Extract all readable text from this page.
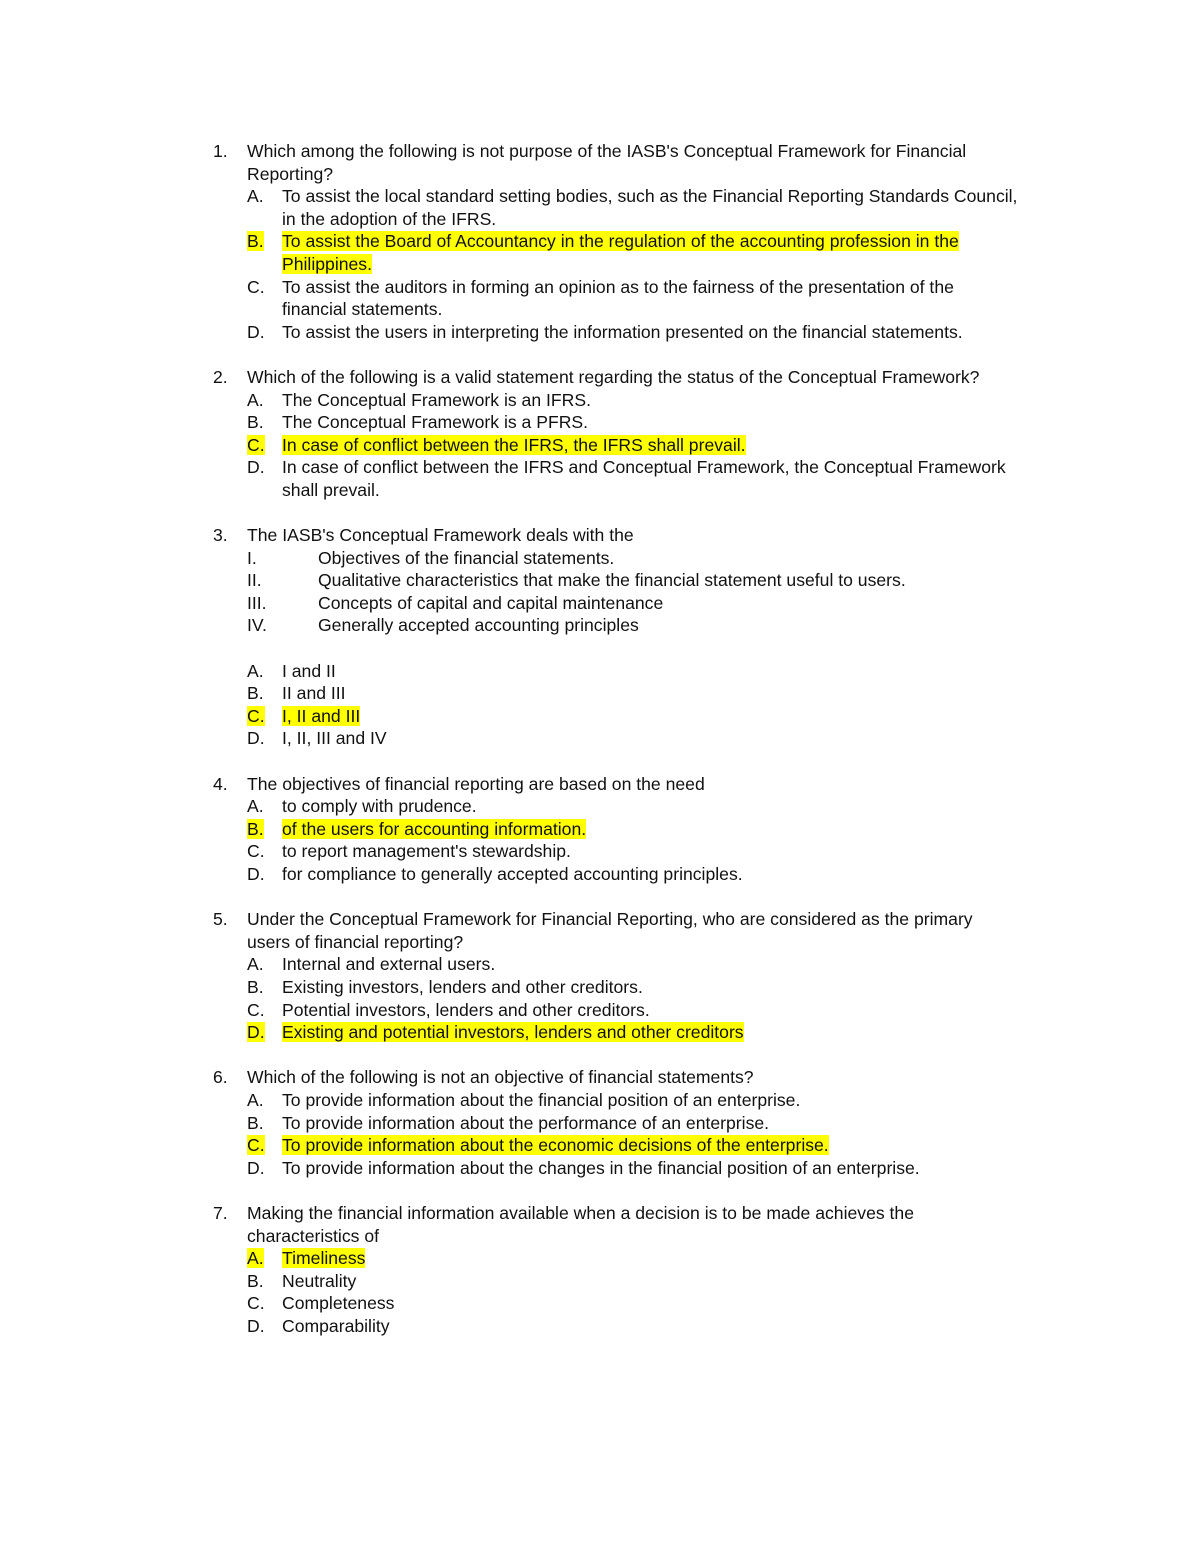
1.	Which among the following is not purpose of the IASB's Conceptual Framework for Financial Reporting?
A.	To assist the local standard setting bodies, such as the Financial Reporting Standards Council, in the adoption of the IFRS.
B.	To assist the Board of Accountancy in the regulation of the accounting profession in the Philippines.
C. To assist the auditors in forming an opinion as to the fairness of the presentation of the financial statements.
D. To assist the users in interpreting the information presented on the financial statements.
2.	Which of the following is a valid statement regarding the status of the Conceptual Framework?
A.	The Conceptual Framework is an IFRS.
B.	The Conceptual Framework is a PFRS.
C. In case of conflict between the IFRS, the IFRS shall prevail.
D. In case of conflict between the IFRS and Conceptual Framework, the Conceptual Framework shall prevail.
3.	The IASB's Conceptual Framework deals with the
I.	Objectives of the financial statements.
II.	Qualitative characteristics that make the financial statement useful to users.
III.	Concepts of capital and capital maintenance
IV.	Generally accepted accounting principles
A.	I and II
B.	II and III
C. I, II and III
D. I, II, III and IV
4.	The objectives of financial reporting are based on the need
A.	to comply with prudence.
B.	of the users for accounting information.
C. to report management's stewardship.
D. for compliance to generally accepted accounting principles.
5.	Under the Conceptual Framework for Financial Reporting, who are considered as the primary users of financial reporting?
A.	Internal and external users.
B.	Existing investors, lenders and other creditors.
C. Potential investors, lenders and other creditors.
D. Existing and potential investors, lenders and other creditors
6.	Which of the following is not an objective of financial statements?
A.	To provide information about the financial position of an enterprise.
B.	To provide information about the performance of an enterprise.
C. To provide information about the economic decisions of the enterprise.
D. To provide information about the changes in the financial position of an enterprise.
7.	Making the financial information available when a decision is to be made achieves the characteristics of
A.	Timeliness
B.	Neutrality
C. Completeness
D. Comparability
